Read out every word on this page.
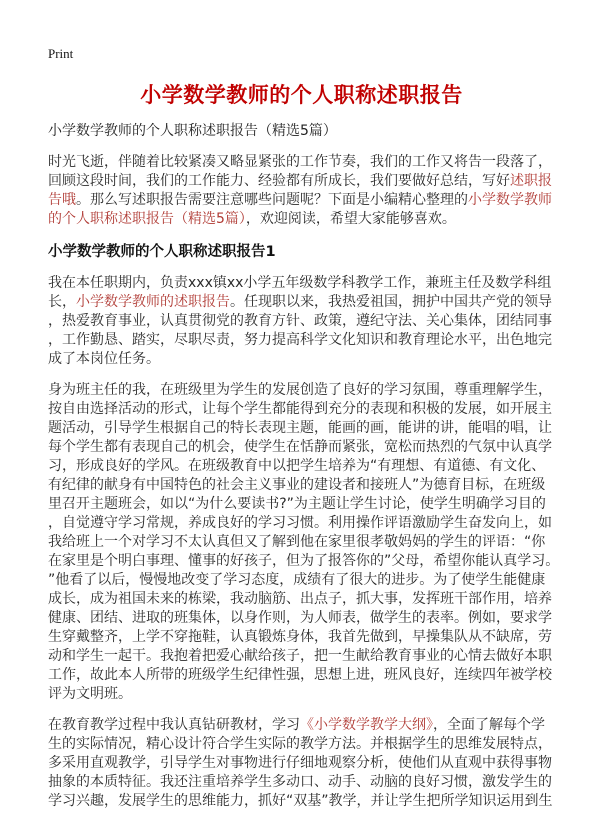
Print
小学数学教师的个人职称述职报告
小学数学教师的个人职称述职报告（精选5篇）

时光飞逝，伴随着比较紧凑又略显紧张的工作节奏，我们的工作又将告一段落了，回顾这段时间，我们的工作能力、经验都有所成长，我们要做好总结，写好述职报告哦。那么写述职报告需要注意哪些问题呢？下面是小编精心整理的小学数学教师的个人职称述职报告（精选5篇），欢迎阅读，希望大家能够喜欢。

小学数学教师的个人职称述职报告1

我在本任职期内，负责xxx镇xx小学五年级数学科教学工作，兼班主任及数学科组长，小学数学教师的述职报告。任现职以来，我热爱祖国，拥护中国共产党的领导，热爱教育事业，认真贯彻党的教育方针、政策，遵纪守法、关心集体，团结同事，工作勤恳、踏实，尽职尽责，努力提高科学文化知识和教育理论水平，出色地完成了本岗位任务。

身为班主任的我，在班级里为学生的发展创造了良好的学习氛围，尊重理解学生，按自由选择活动的形式，让每个学生都能得到充分的表现和积极的发展，如开展主题活动，引导学生根据自己的特长表现主题，能画的画，能讲的讲，能唱的唱，让每个学生都有表现自己的机会，使学生在恬静而紧张，宽松而热烈的气氛中认真学习，形成良好的学风。在班级教育中以把学生培养为“有理想、有道德、有文化、有纪律的献身有中国特色的社会主义事业的建设者和接班人”为德育目标，在班级里召开主题班会，如以“为什么要读书?”为主题让学生讨论，使学生明确学习目的，自觉遵守学习常规，养成良好的学习习惯。利用操作评语激励学生奋发向上，如我给班上一个对学习不太认真但又了解到他在家里很孝敬妈妈的学生的评语：“你在家里是个明白事理、懂事的好孩子，但为了报答你的”父母，希望你能认真学习。”他看了以后，慢慢地改变了学习态度，成绩有了很大的进步。为了使学生能健康成长，成为祖国未来的栋梁，我动脑筋、出点子，抓大事，发挥班干部作用，培养健康、团结、进取的班集体，以身作则，为人师表，做学生的表率。例如，要求学生穿戴整齐，上学不穿拖鞋，认真锻炼身体，我首先做到，早操集队从不缺席，劳动和学生一起干。我抱着把爱心献给孩子，把一生献给教育事业的心情去做好本职工作，故此本人所带的班级学生纪律性强，思想上进，班风良好，连续四年被学校评为文明班。

在教育教学过程中我认真钻研教材，学习《小学数学教学大纲》，全面了解每个学生的实际情况，精心设计符合学生实际的教学方法。并根据学生的思维发展特点，多采用直观教学，引导学生对事物进行仔细地观察分析，使他们从直观中获得事物抽象的本质特征。我还注重培养学生多动口、动手、动脑的良好习惯，激发学生的学习兴趣，发展学生的思维能力，抓好“双基”教学，并让学生把所学知识运用到生
